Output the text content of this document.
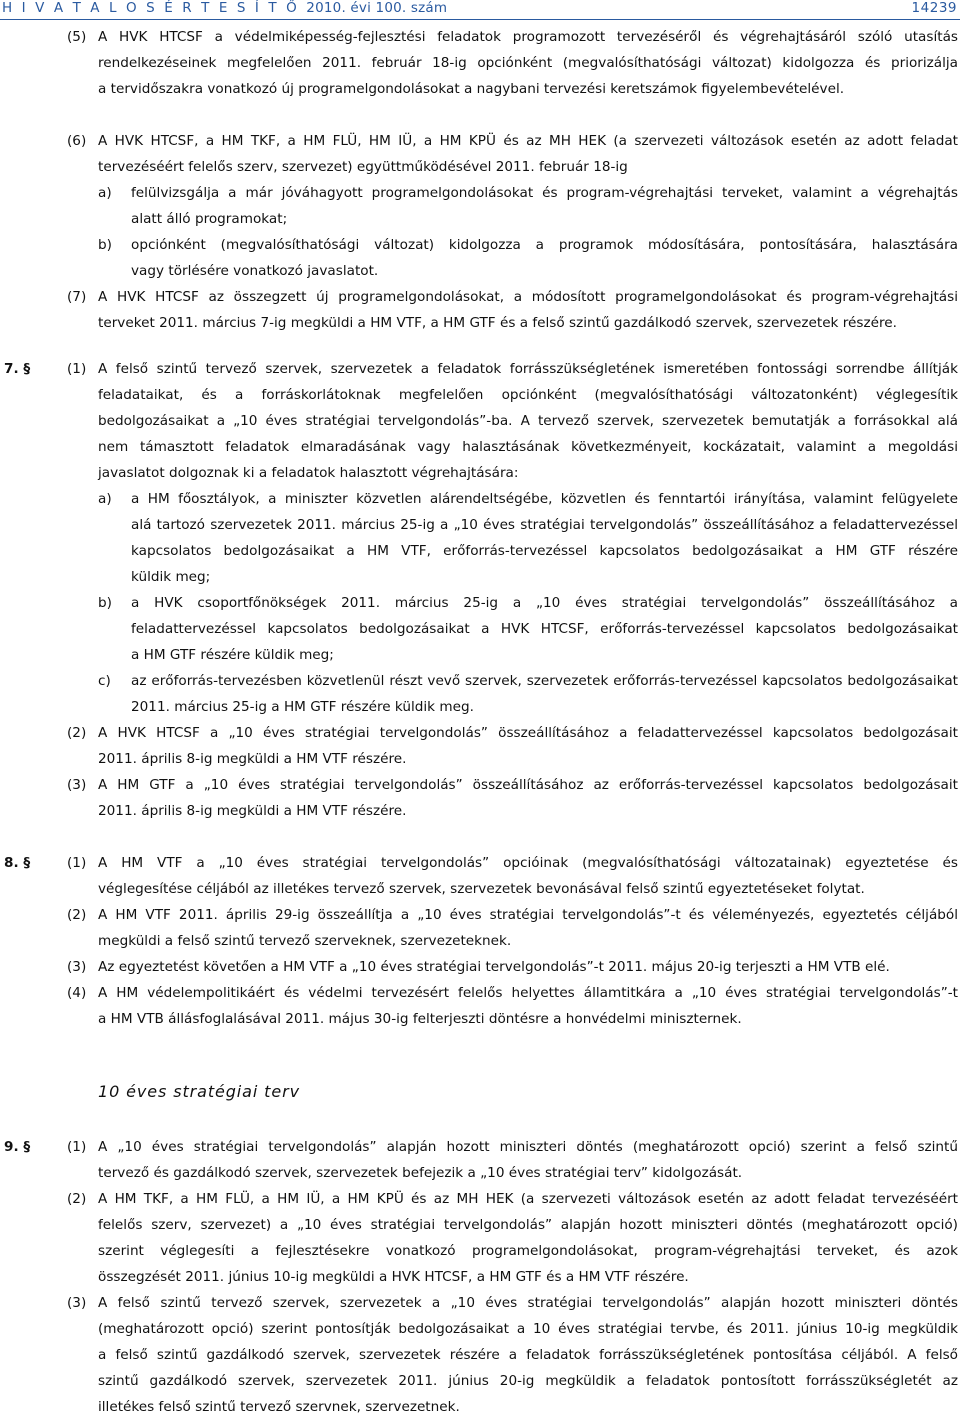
H I V A T A L O S É R T E S Í T Ő 2010. évi 100. szám	14239
(5) A HVK HTCSF a védelmiképesség-fejlesztési feladatok programozott tervezéséről és végrehajtásáról szóló utasítás
rendelkezéseinek megfelelően 2011. február 18-ig opciónként (megvalósíthatósági változat) kidolgozza és priorizálja
a tervidőszakra vonatkozó új programelgondolásokat a nagybani tervezési keretszámok figyelembevételével.
(6) A HVK HTCSF, a HM TKF, a HM FLÜ, HM IÜ, a HM KPÜ és az MH HEK (a szervezeti változások esetén az adott feladat
tervezéséért felelős szerv, szervezet) együttműködésével 2011. február 18-ig
a) felülvizsgálja a már jóváhagyott programelgondolásokat és program-végrehajtási terveket, valamint a végrehajtás
alatt álló programokat;
b) opciónként (megvalósíthatósági változat) kidolgozza a programok módosítására, pontosítására, halasztására
vagy törlésére vonatkozó javaslatot.
(7) A HVK HTCSF az összegzett új programelgondolásokat, a módosított programelgondolásokat és program-végrehajtási
terveket 2011. március 7-ig megküldi a HM VTF, a HM GTF és a felső szintű gazdálkodó szervek, szervezetek részére.
7. §	(1) A felső szintű tervező szervek, szervezetek a feladatok forrásszükségletének ismeretében fontossági sorrendbe állítják
feladataikat, és a forráskorlátoknak megfelelően opciónként (megvalósíthatósági változatonként) véglegesítik
bedolgozásaikat a „10 éves stratégiai tervelgondolás”-ba. A tervező szervek, szervezetek bemutatják a forrásokkal alá
nem támasztott feladatok elmaradásának vagy halasztásának következményeit, kockázatait, valamint a megoldási
javaslatot dolgoznak ki a feladatok halasztott végrehajtására:
a) a HM főosztályok, a miniszter közvetlen alárendeltségébe, közvetlen és fenntartói irányítása, valamint felügyelete
alá tartozó szervezetek 2011. március 25-ig a „10 éves stratégiai tervelgondolás” összeállításához a feladattervezéssel
kapcsolatos bedolgozásaikat a HM VTF, erőforrás-tervezéssel kapcsolatos bedolgozásaikat a HM GTF részére
küldik meg;
b) a HVK csoportfőnökségek 2011. március 25-ig a „10 éves stratégiai tervelgondolás” összeállításához a
feladattervezéssel kapcsolatos bedolgozásaikat a HVK HTCSF, erőforrás-tervezéssel kapcsolatos bedolgozásaikat
a HM GTF részére küldik meg;
c) az erőforrás-tervezésben közvetlenül részt vevő szervek, szervezetek erőforrás-tervezéssel kapcsolatos bedolgozásaikat
2011. március 25-ig a HM GTF részére küldik meg.
(2) A HVK HTCSF a „10 éves stratégiai tervelgondolás” összeállításához a feladattervezéssel kapcsolatos bedolgozásait
2011. április 8-ig megküldi a HM VTF részére.
(3) A HM GTF a „10 éves stratégiai tervelgondolás” összeállításához az erőforrás-tervezéssel kapcsolatos bedolgozásait
2011. április 8-ig megküldi a HM VTF részére.
8. §	(1) A HM VTF a „10 éves stratégiai tervelgondolás” opcióinak (megvalósíthatósági változatainak) egyeztetése és
véglegesítése céljából az illetékes tervező szervek, szervezetek bevonásával felső szintű egyeztetéseket folytat.
(2) A HM VTF 2011. április 29-ig összeállítja a „10 éves stratégiai tervelgondolás”-t és véleményezés, egyeztetés céljából
megküldi a felső szintű tervező szerveknek, szervezeteknek.
(3) Az egyeztetést követően a HM VTF a „10 éves stratégiai tervelgondolás”-t 2011. május 20-ig terjeszti a HM VTB elé.
(4) A HM védelempolitikáért és védelmi tervezésért felelős helyettes államtitkára a „10 éves stratégiai tervelgondolás”-t
a HM VTB állásfoglalásával 2011. május 30-ig felterjeszti döntésre a honvédelmi miniszternek.
10 éves stratégiai terv
9. §	(1) A „10 éves stratégiai tervelgondolás” alapján hozott miniszteri döntés (meghatározott opció) szerint a felső szintű
tervező és gazdálkodó szervek, szervezetek befejezik a „10 éves stratégiai terv” kidolgozását.
(2) A HM TKF, a HM FLÜ, a HM IÜ, a HM KPÜ és az MH HEK (a szervezeti változások esetén az adott feladat tervezéséért
felelős szerv, szervezet) a „10 éves stratégiai tervelgondolás” alapján hozott miniszteri döntés (meghatározott opció)
szerint véglegesíti a fejlesztésekre vonatkozó programelgondolásokat, program-végrehajtási terveket, és azok
összegzését 2011. június 10-ig megküldi a HVK HTCSF, a HM GTF és a HM VTF részére.
(3) A felső szintű tervező szervek, szervezetek a „10 éves stratégiai tervelgondolás” alapján hozott miniszteri döntés
(meghatározott opció) szerint pontosítják bedolgozásaikat a 10 éves stratégiai tervbe, és 2011. június 10-ig megküldik
a felső szintű gazdálkodó szervek, szervezetek részére a feladatok forrásszükségletének pontosítása céljából. A felső
szintű gazdálkodó szervek, szervezetek 2011. június 20-ig megküldik a feladatok pontosított forrásszükségletét az
illetékes felső szintű tervező szervnek, szervezetnek.
